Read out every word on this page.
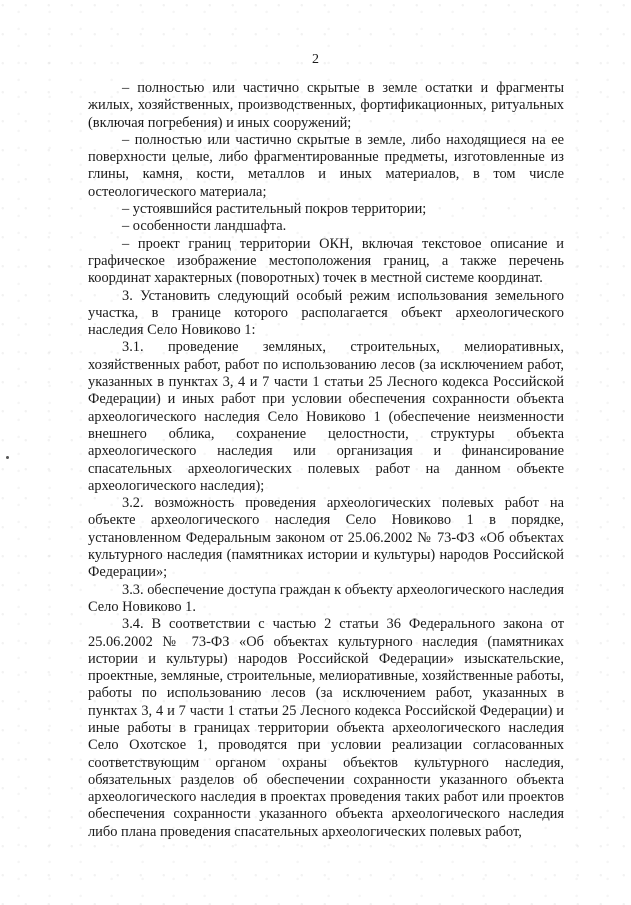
2

– полностью или частично скрытые в земле остатки и фрагменты жилых, хозяйственных, производственных, фортификационных, ритуальных (включая погребения) и иных сооружений;

– полностью или частично скрытые в земле, либо находящиеся на ее поверхности целые, либо фрагментированные предметы, изготовленные из глины, камня, кости, металлов и иных материалов, в том числе остеологического материала;

– устоявшийся растительный покров территории;

– особенности ландшафта.

– проект границ территории ОКН, включая текстовое описание и графическое изображение местоположения границ, а также перечень координат характерных (поворотных) точек в местной системе координат.

3. Установить следующий особый режим использования земельного участка, в границе которого располагается объект археологического наследия Село Новиково 1:

3.1. проведение земляных, строительных, мелиоративных, хозяйственных работ, работ по использованию лесов (за исключением работ, указанных в пунктах 3, 4 и 7 части 1 статьи 25 Лесного кодекса Российской Федерации) и иных работ при условии обеспечения сохранности объекта археологического наследия Село Новиково 1 (обеспечение неизменности внешнего облика, сохранение целостности, структуры объекта археологического наследия или организация и финансирование спасательных археологических полевых работ на данном объекте археологического наследия);

3.2. возможность проведения археологических полевых работ на объекте археологического наследия Село Новиково 1 в порядке, установленном Федеральным законом от 25.06.2002 № 73-ФЗ «Об объектах культурного наследия (памятниках истории и культуры) народов Российской Федерации»;

3.3. обеспечение доступа граждан к объекту археологического наследия Село Новиково 1.

3.4. В соответствии с частью 2 статьи 36 Федерального закона от 25.06.2002 № 73-ФЗ «Об объектах культурного наследия (памятниках истории и культуры) народов Российской Федерации» изыскательские, проектные, земляные, строительные, мелиоративные, хозяйственные работы, работы по использованию лесов (за исключением работ, указанных в пунктах 3, 4 и 7 части 1 статьи 25 Лесного кодекса Российской Федерации) и иные работы в границах территории объекта археологического наследия Село Охотское 1, проводятся при условии реализации согласованных соответствующим органом охраны объектов культурного наследия, обязательных разделов об обеспечении сохранности указанного объекта археологического наследия в проектах проведения таких работ или проектов обеспечения сохранности указанного объекта археологического наследия либо плана проведения спасательных археологических полевых работ,
